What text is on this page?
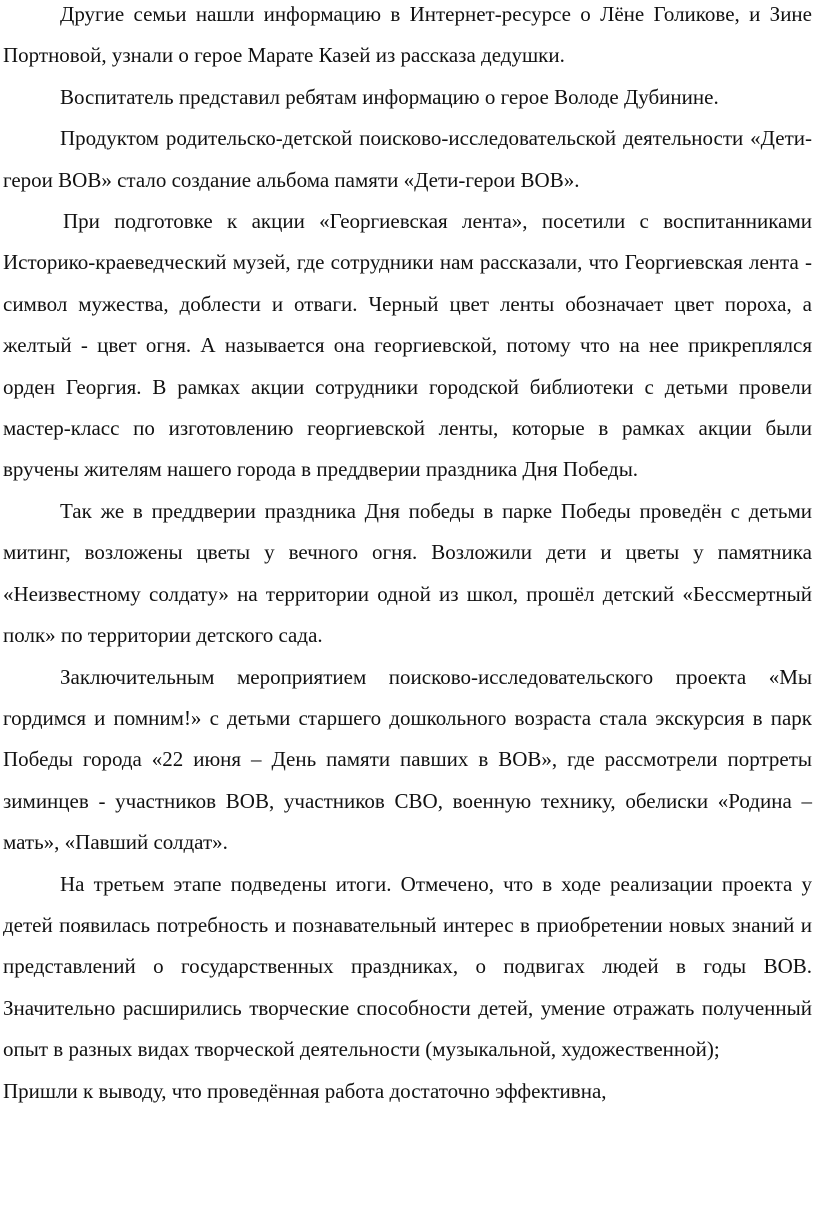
Другие семьи нашли информацию в Интернет-ресурсе о Лёне Голикове, и Зине Портновой, узнали о герое Марате Казей из рассказа дедушки.

Воспитатель представил ребятам информацию о герое Володе Дубинине.

Продуктом родительско-детской поисково-исследовательской деятельности «Дети-герои ВОВ» стало создание альбома памяти «Дети-герои ВОВ».

При подготовке к акции «Георгиевская лента», посетили с воспитанниками Историко-краеведческий музей, где сотрудники нам рассказали, что Георгиевская лента - символ мужества, доблести и отваги. Черный цвет ленты обозначает цвет пороха, а желтый - цвет огня. А называется она георгиевской, потому что на нее прикреплялся орден Георгия. В рамках акции сотрудники городской библиотеки с детьми провели мастер-класс по изготовлению георгиевской ленты, которые в рамках акции были вручены жителям нашего города в преддверии праздника Дня Победы.

Так же в преддверии праздника Дня победы в парке Победы проведён с детьми митинг, возложены цветы у вечного огня. Возложили дети и цветы у памятника «Неизвестному солдату» на территории одной из школ, прошёл детский «Бессмертный полк» по территории детского сада.

Заключительным мероприятием поисково-исследовательского проекта «Мы гордимся и помним!» с детьми старшего дошкольного возраста стала экскурсия в парк Победы города «22 июня – День памяти павших в ВОВ», где рассмотрели портреты зиминцев - участников ВОВ, участников СВО, военную технику, обелиски «Родина – мать», «Павший солдат».

На третьем этапе подведены итоги. Отмечено, что в ходе реализации проекта у детей появилась потребность и познавательный интерес в приобретении новых знаний и представлений о государственных праздниках, о подвигах людей в годы ВОВ. Значительно расширились творческие способности детей, умение отражать полученный опыт в разных видах творческой деятельности (музыкальной, художественной);

Пришли к выводу, что проведённая работа достаточно эффективна,
